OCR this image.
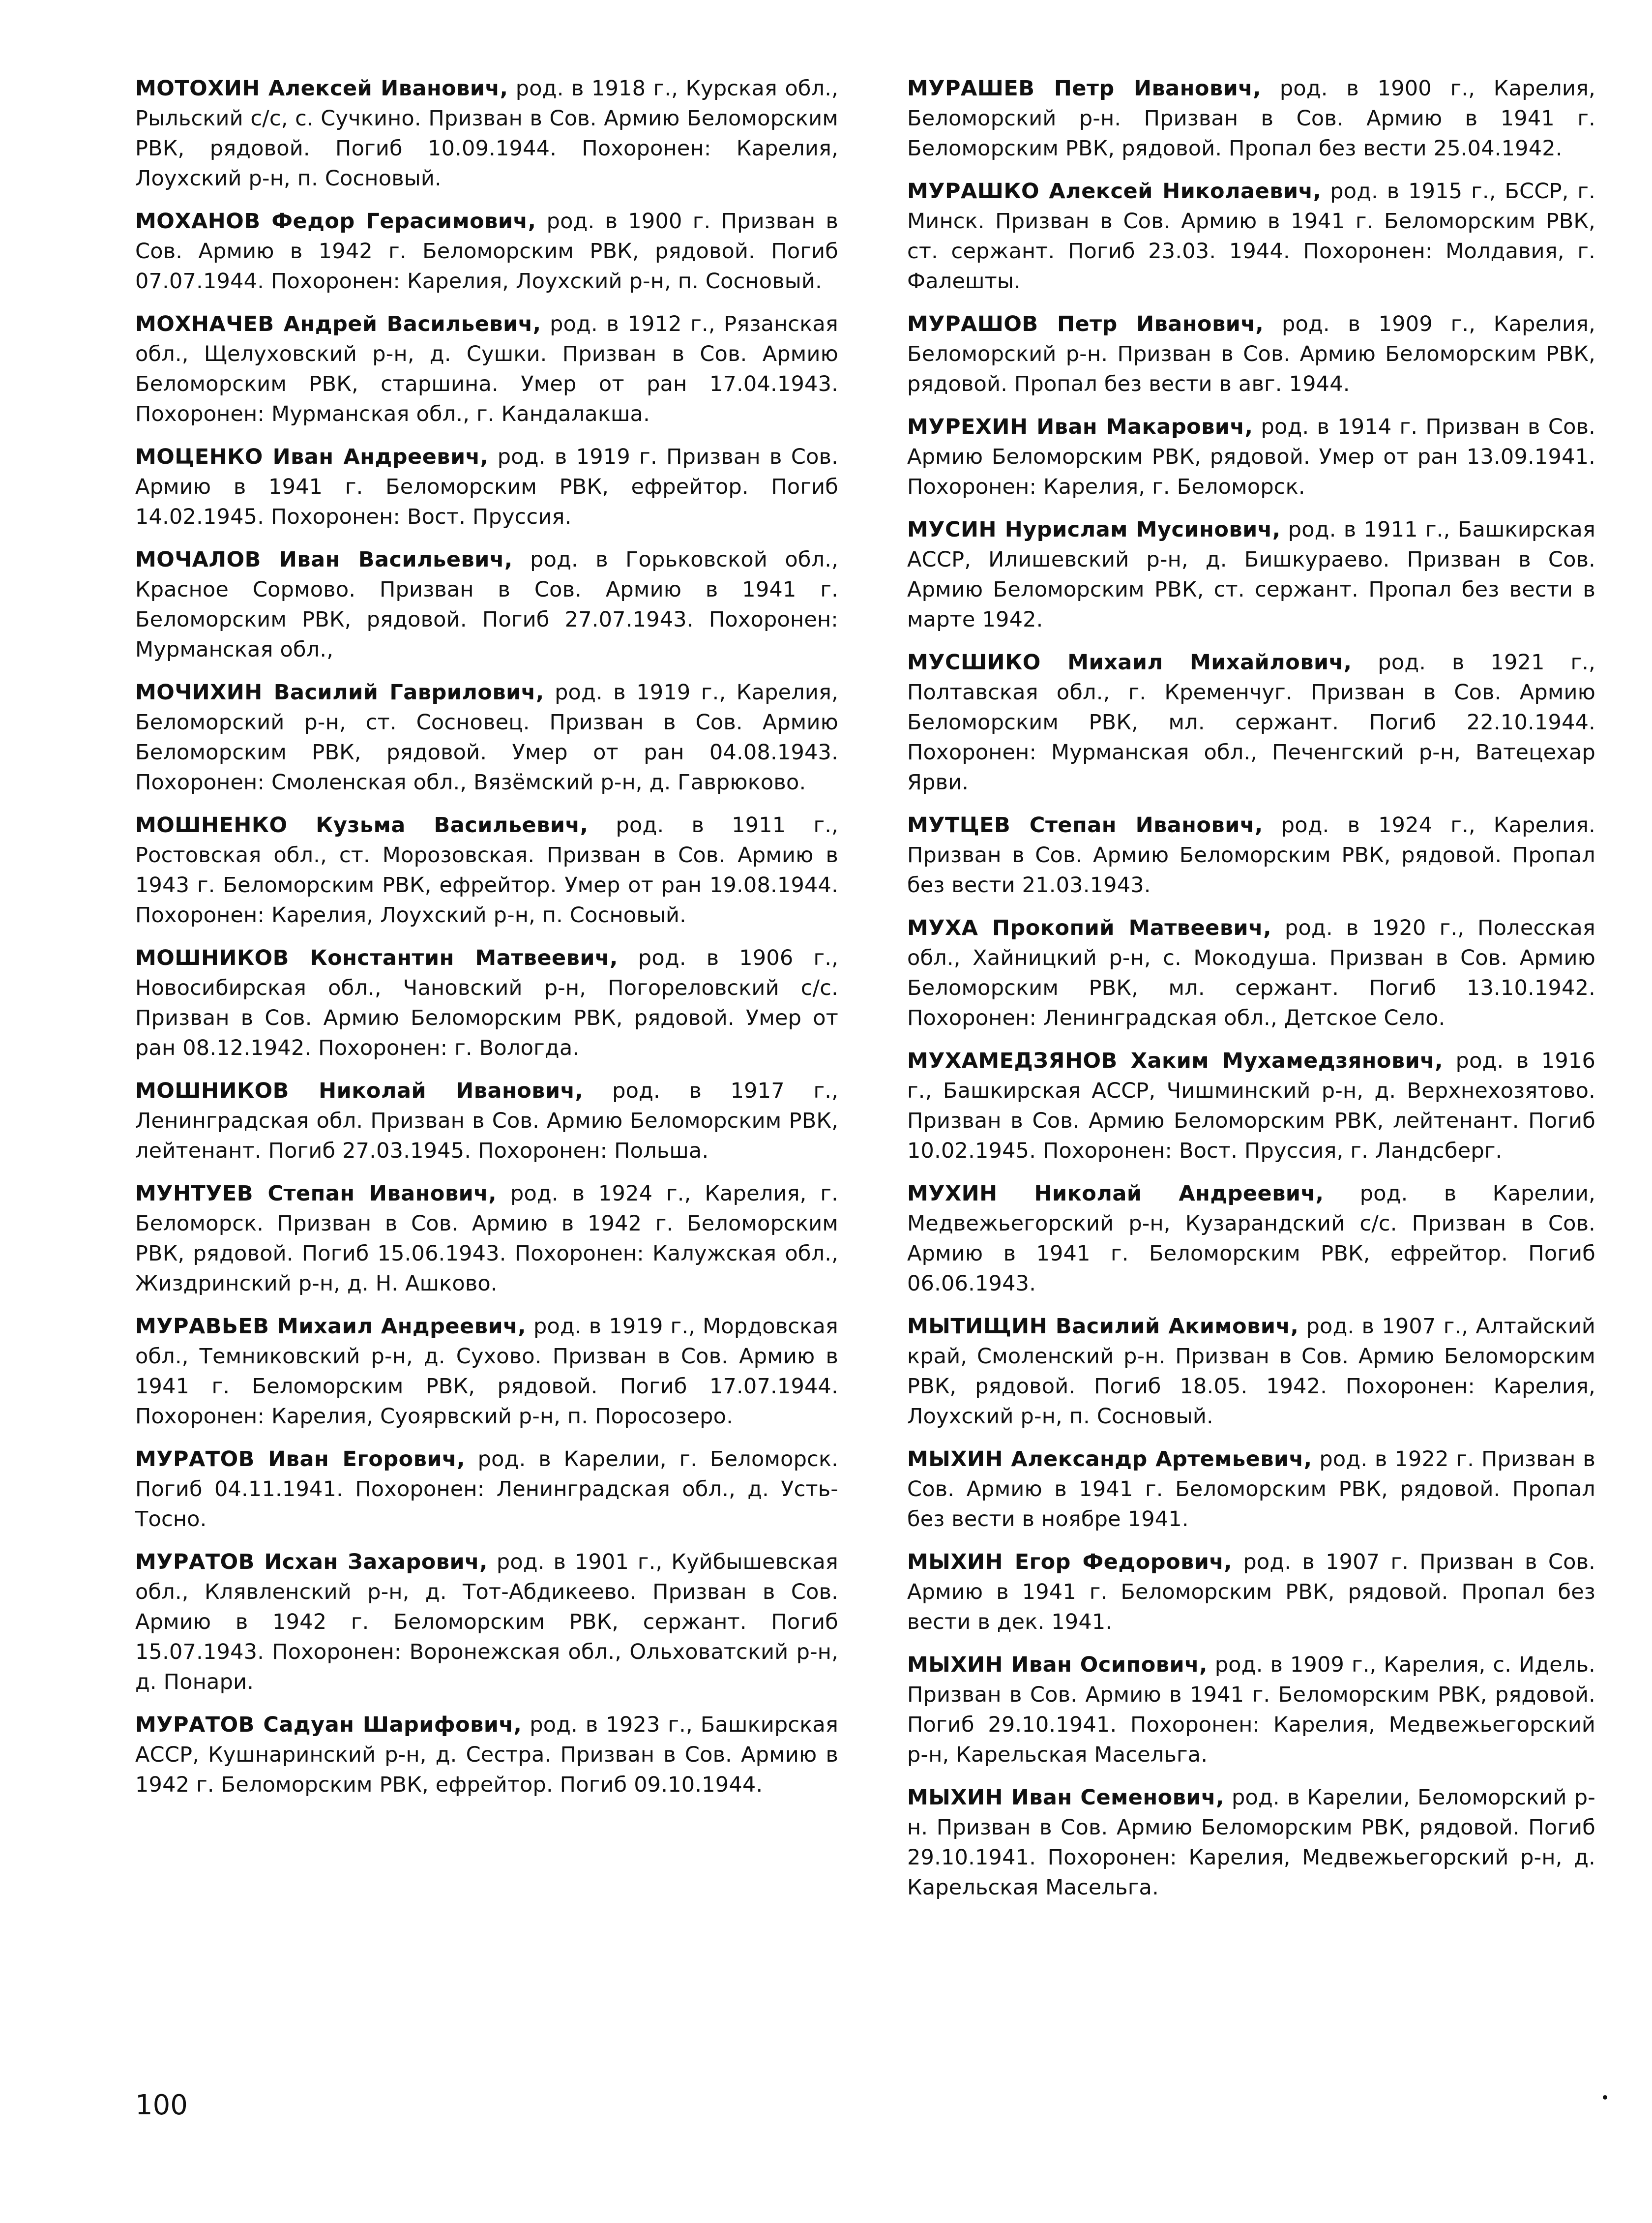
МОТОХИН Алексей Иванович, род. в 1918 г., Курская обл., Рыльский с/с, с. Сучкино. Призван в Сов. Армию Беломорским РВК, рядовой. Погиб 10.09.1944. Похоронен: Карелия, Лоухский р-н, п. Сосновый.

МОХАНОВ Федор Герасимович, род. в 1900 г. Призван в Сов. Армию в 1942 г. Беломорским РВК, рядовой. Погиб 07.07.1944. Похоронен: Карелия, Лоухский р-н, п. Сосновый.

МОХНАЧЕВ Андрей Васильевич, род. в 1912 г., Рязанская обл., Щелуховский р-н, д. Сушки. Призван в Сов. Армию Беломорским РВК, старшина. Умер от ран 17.04.1943. Похоронен: Мурманская обл., г. Кандалакша.

МОЦЕНКО Иван Андреевич, род. в 1919 г. Призван в Сов. Армию в 1941 г. Беломорским РВК, ефрейтор. Погиб 14.02.1945. Похоронен: Вост. Пруссия.

МОЧАЛОВ Иван Васильевич, род. в Горьковской обл., Красное Сормово. Призван в Сов. Армию в 1941 г. Беломорским РВК, рядовой. Погиб 27.07.1943. Похоронен: Мурманская обл.,

МОЧИХИН Василий Гаврилович, род. в 1919 г., Карелия, Беломорский р-н, ст. Сосновец. Призван в Сов. Армию Беломорским РВК, рядовой. Умер от ран 04.08.1943. Похоронен: Смоленская обл., Вязёмский р-н, д. Гаврюково.

МОШНЕНКО Кузьма Васильевич, род. в 1911 г., Ростовская обл., ст. Морозовская. Призван в Сов. Армию в 1943 г. Беломорским РВК, ефрейтор. Умер от ран 19.08.1944. Похоронен: Карелия, Лоухский р-н, п. Сосновый.

МОШНИКОВ Константин Матвеевич, род. в 1906 г., Новосибирская обл., Чановский р-н, Погореловский с/с. Призван в Сов. Армию Беломорским РВК, рядовой. Умер от ран 08.12.1942. Похоронен: г. Вологда.

МОШНИКОВ Николай Иванович, род. в 1917 г., Ленинградская обл. Призван в Сов. Армию Беломорским РВК, лейтенант. Погиб 27.03.1945. Похоронен: Польша.

МУНТУЕВ Степан Иванович, род. в 1924 г., Карелия, г. Беломорск. Призван в Сов. Армию в 1942 г. Беломорским РВК, рядовой. Погиб 15.06.1943. Похоронен: Калужская обл., Жиздринский р-н, д. Н. Ашково.

МУРАВЬЕВ Михаил Андреевич, род. в 1919 г., Мордовская обл., Темниковский р-н, д. Сухово. Призван в Сов. Армию в 1941 г. Беломорским РВК, рядовой. Погиб 17.07.1944. Похоронен: Карелия, Суоярвский р-н, п. Поросозеро.

МУРАТОВ Иван Егорович, род. в Карелии, г. Беломорск. Погиб 04.11.1941. Похоронен: Ленинградская обл., д. Усть-Тосно.

МУРАТОВ Исхан Захарович, род. в 1901 г., Куйбышевская обл., Клявленский р-н, д. Тот-Абдикеево. Призван в Сов. Армию в 1942 г. Беломорским РВК, сержант. Погиб 15.07.1943. Похоронен: Воронежская обл., Ольховатский р-н, д. Понари.

МУРАТОВ Садуан Шарифович, род. в 1923 г., Башкирская АССР, Кушнаринский р-н, д. Сестра. Призван в Сов. Армию в 1942 г. Беломорским РВК, ефрейтор. Погиб 09.10.1944.

МУРАШЕВ Петр Иванович, род. в 1900 г., Карелия, Беломорский р-н. Призван в Сов. Армию в 1941 г. Беломорским РВК, рядовой. Пропал без вести 25.04.1942.

МУРАШКО Алексей Николаевич, род. в 1915 г., БССР, г. Минск. Призван в Сов. Армию в 1941 г. Беломорским РВК, ст. сержант. Погиб 23.03. 1944. Похоронен: Молдавия, г. Фалешты.

МУРАШОВ Петр Иванович, род. в 1909 г., Карелия, Беломорский р-н. Призван в Сов. Армию Беломорским РВК, рядовой. Пропал без вести в авг. 1944.

МУРЕХИН Иван Макарович, род. в 1914 г. Призван в Сов. Армию Беломорским РВК, рядовой. Умер от ран 13.09.1941. Похоронен: Карелия, г. Беломорск.

МУСИН Нурислам Мусинович, род. в 1911 г., Башкирская АССР, Илишевский р-н, д. Бишкураево. Призван в Сов. Армию Беломорским РВК, ст. сержант. Пропал без вести в марте 1942.

МУСШИКО Михаил Михайлович, род. в 1921 г., Полтавская обл., г. Кременчуг. Призван в Сов. Армию Беломорским РВК, мл. сержант. Погиб 22.10.1944. Похоронен: Мурманская обл., Печенгский р-н, Ватецехар Ярви.

МУТЦЕВ Степан Иванович, род. в 1924 г., Карелия. Призван в Сов. Армию Беломорским РВК, рядовой. Пропал без вести 21.03.1943.

МУХА Прокопий Матвеевич, род. в 1920 г., Полесская обл., Хайницкий р-н, с. Мокодуша. Призван в Сов. Армию Беломорским РВК, мл. сержант. Погиб 13.10.1942. Похоронен: Ленинградская обл., Детское Село.

МУХАМЕДЗЯНОВ Хаким Мухамедзянович, род. в 1916 г., Башкирская АССР, Чишминский р-н, д. Верхнехозятово. Призван в Сов. Армию Беломорским РВК, лейтенант. Погиб 10.02.1945. Похоронен: Вост. Пруссия, г. Ландсберг.

МУХИН Николай Андреевич, род. в Карелии, Медвежьегорский р-н, Кузарандский с/с. Призван в Сов. Армию в 1941 г. Беломорским РВК, ефрейтор. Погиб 06.06.1943.

МЫТИЩИН Василий Акимович, род. в 1907 г., Алтайский край, Смоленский р-н. Призван в Сов. Армию Беломорским РВК, рядовой. Погиб 18.05. 1942. Похоронен: Карелия, Лоухский р-н, п. Сосновый.

МЫХИН Александр Артемьевич, род. в 1922 г. Призван в Сов. Армию в 1941 г. Беломорским РВК, рядовой. Пропал без вести в ноябре 1941.

МЫХИН Егор Федорович, род. в 1907 г. Призван в Сов. Армию в 1941 г. Беломорским РВК, рядовой. Пропал без вести в дек. 1941.

МЫХИН Иван Осипович, род. в 1909 г., Карелия, с. Идель. Призван в Сов. Армию в 1941 г. Беломорским РВК, рядовой. Погиб 29.10.1941. Похоронен: Карелия, Медвежьегорский р-н, Карельская Масельга.

МЫХИН Иван Семенович, род. в Карелии, Беломорский р-н. Призван в Сов. Армию Беломорским РВК, рядовой. Погиб 29.10.1941. Похоронен: Карелия, Медвежьегорский р-н, д. Карельская Масельга.

100
